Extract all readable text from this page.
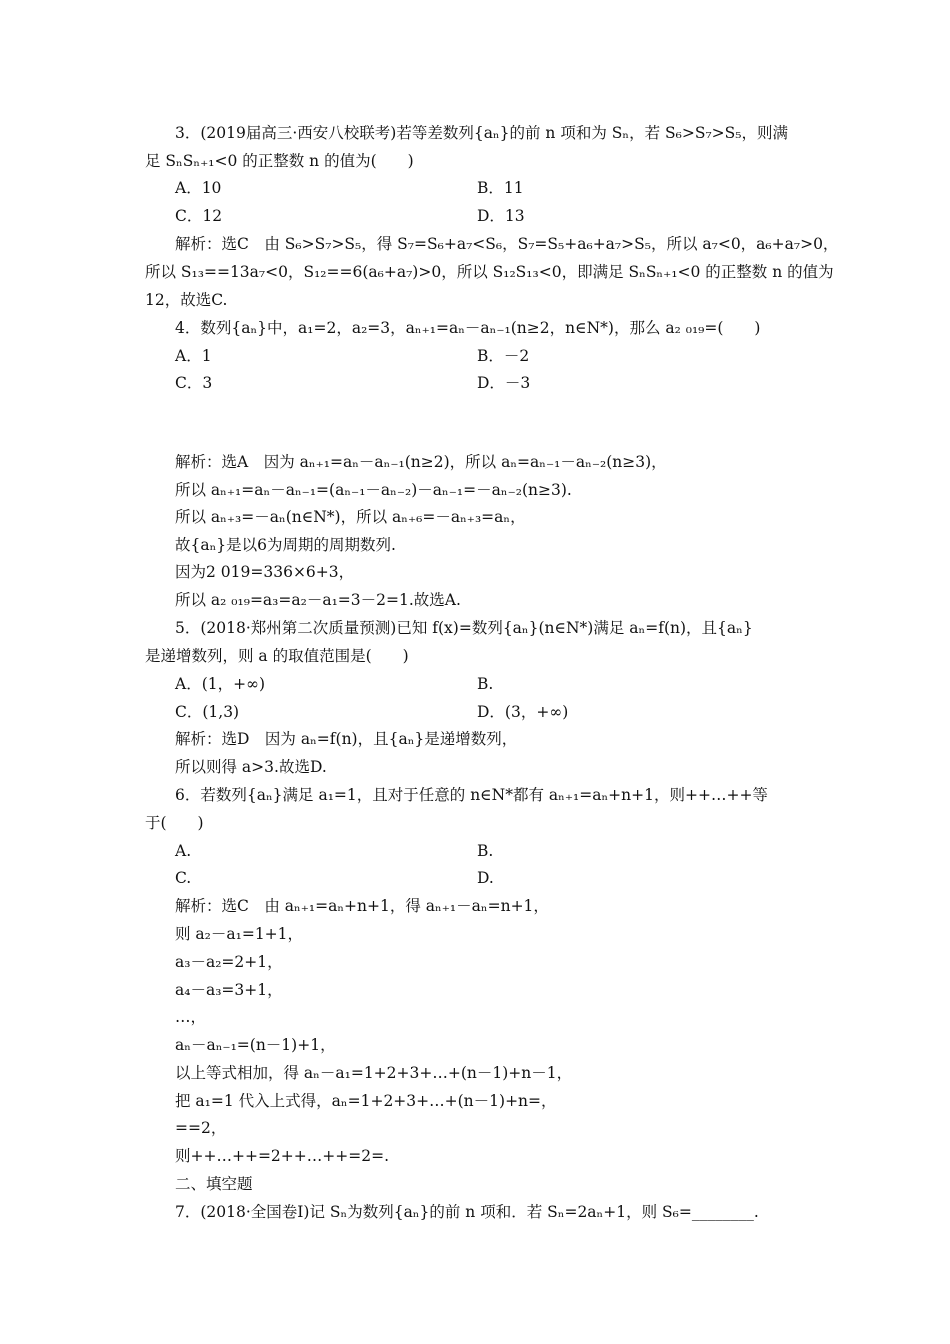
3．(2019届高三·西安八校联考)若等差数列{aₙ}的前 n 项和为 Sₙ，若 S₆>S₇>S₅，则满
足 SₙSₙ₊₁<0 的正整数 n 的值为(　　)
A．10	B．11
C．12	D．13
解析：选C　由 S₆>S₇>S₅，得 S₇=S₆+a₇<S₆，S₇=S₅+a₆+a₇>S₅，所以 a₇<0，a₆+a₇>0，
所以 S₁₃==13a₇<0，S₁₂==6(a₆+a₇)>0，所以 S₁₂S₁₃<0，即满足 SₙSₙ₊₁<0 的正整数 n 的值为
12，故选C.
4．数列{aₙ}中，a₁=2，a₂=3，aₙ₊₁=aₙ－aₙ₋₁(n≥2，n∈N*)，那么 a₂ ₀₁₉=(　　)
A．1	B．－2
C．3	D．－3
解析：选A　因为 aₙ₊₁=aₙ－aₙ₋₁(n≥2)，所以 aₙ=aₙ₋₁－aₙ₋₂(n≥3)，
所以 aₙ₊₁=aₙ－aₙ₋₁=(aₙ₋₁－aₙ₋₂)－aₙ₋₁=－aₙ₋₂(n≥3).
所以 aₙ₊₃=－aₙ(n∈N*)，所以 aₙ₊₆=－aₙ₊₃=aₙ，
故{aₙ}是以6为周期的周期数列.
因为2 019=336×6+3，
所以 a₂ ₀₁₉=a₃=a₂－a₁=3－2=1.故选A.
5．(2018·郑州第二次质量预测)已知 f(x)=数列{aₙ}(n∈N*)满足 aₙ=f(n)，且{aₙ}
是递增数列，则 a 的取值范围是(　　)
A．(1，+∞)	B.
C．(1,3)	D．(3，+∞)
解析：选D　因为 aₙ=f(n)，且{aₙ}是递增数列，
所以则得 a>3.故选D.
6．若数列{aₙ}满足 a₁=1，且对于任意的 n∈N*都有 aₙ₊₁=aₙ+n+1，则++…++等
于(　　)
A.	B.
C.	D.
解析：选C　由 aₙ₊₁=aₙ+n+1，得 aₙ₊₁－aₙ=n+1，
则 a₂－a₁=1+1，
a₃－a₂=2+1，
a₄－a₃=3+1，
…，
aₙ－aₙ₋₁=(n－1)+1，
以上等式相加，得 aₙ－a₁=1+2+3+…+(n－1)+n－1，
把 a₁=1 代入上式得，aₙ=1+2+3+…+(n－1)+n=，
==2，
则++…++=2++…++=2=.
二、填空题
7．(2018·全国卷Ⅰ)记 Sₙ为数列{aₙ}的前 n 项和．若 Sₙ=2aₙ+1，则 S₆=________.
